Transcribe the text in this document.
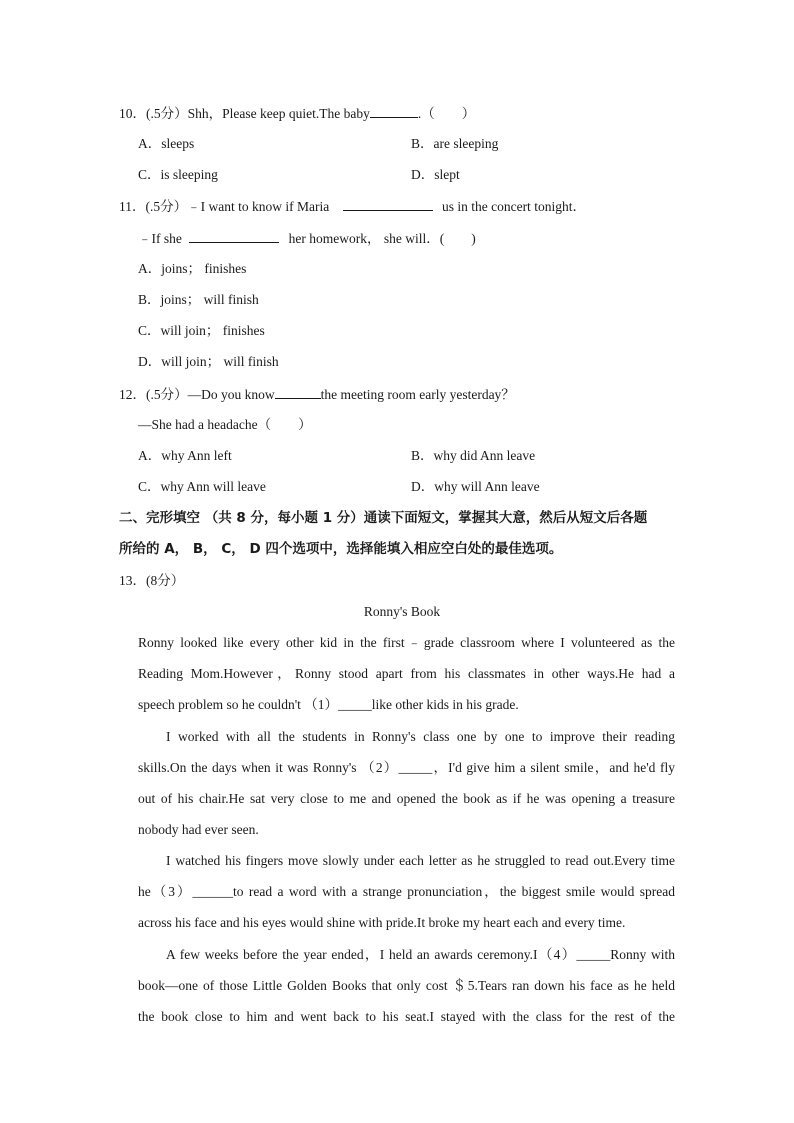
10．(.5分）Shh，Please keep quiet.The baby	.（　　）
A．sleeps	B．are sleeping
C．is sleeping	D．slept
11．(.5分）﹣I want to know if Maria	us in the concert tonight．
﹣If she	her homework， she will．(　　)
A．joins； finishes
B．joins； will finish
C．will join； finishes
D．will join； will finish
12．(.5分）—Do you know	the meeting room early yesterday？
—She had a headache（　　）
A．why Ann left	B．why did Ann leave
C．why Ann will leave	D．why will Ann leave
二、完形填空 （共 8 分，每小题 1 分）通读下面短文，掌握其大意，然后从短文后各题
所给的 A， B， C， D 四个选项中，选择能填入相应空白处的最佳选项。
13．(8分）
Ronny's Book
Ronny looked like every other kid in the first﹣grade classroom where I volunteered as the
Reading Mom.However，Ronny stood apart from his classmates in other ways.He had a
speech problem so he couldn't （1）_____like other kids in his grade.
I worked with all the students in Ronny's class one by one to improve their reading
skills.On the days when it was Ronny's （2）_____，I'd give him a silent smile，and he'd fly
out of his chair.He sat very close to me and opened the book as if he was opening a treasure
nobody had ever seen.
I watched his fingers move slowly under each letter as he struggled to read out.Every time
he（3）______to read a word with a strange pronunciation，the biggest smile would spread
across his face and his eyes would shine with pride.It broke my heart each and every time.
A few weeks before the year ended，I held an awards ceremony.I（4）_____Ronny with
book—one of those Little Golden Books that only cost ＄5.Tears ran down his face as he held
the book close to him and went back to his seat.I stayed with the class for the rest of the
